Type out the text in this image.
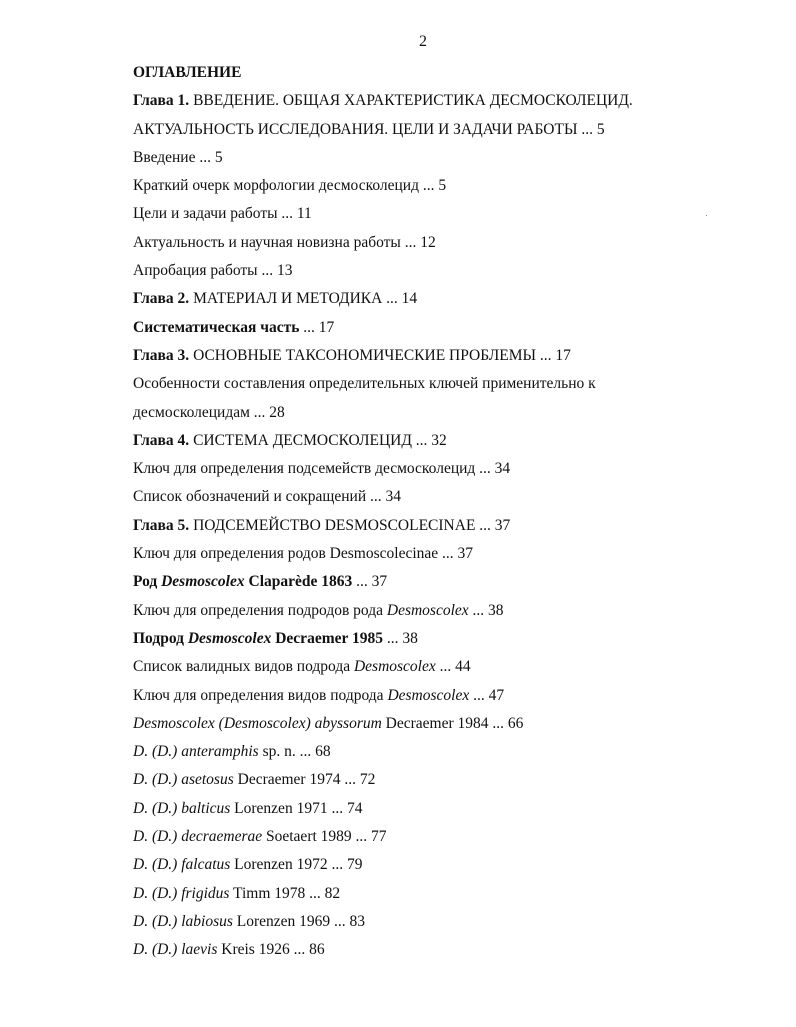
2
ОГЛАВЛЕНИЕ
Глава 1. ВВЕДЕНИЕ. ОБЩАЯ ХАРАКТЕРИСТИКА ДЕСМОСКОЛЕЦИД.
АКТУАЛЬНОСТЬ ИССЛЕДОВАНИЯ. ЦЕЛИ И ЗАДАЧИ РАБОТЫ ... 5
Введение ... 5
Краткий очерк морфологии десмосколецид ... 5
Цели и задачи работы ... 11
Актуальность и научная новизна работы ... 12
Апробация работы ... 13
Глава 2. МАТЕРИАЛ И МЕТОДИКА ... 14
Систематическая часть ... 17
Глава 3. ОСНОВНЫЕ ТАКСОНОМИЧЕСКИЕ ПРОБЛЕМЫ ... 17
Особенности составления определительных ключей применительно к
десмосколецидам ... 28
Глава 4. СИСТЕМА ДЕСМОСКОЛЕЦИД ... 32
Ключ для определения подсемейств десмосколецид ... 34
Список обозначений и сокращений ... 34
Глава 5. ПОДСЕМЕЙСТВО DESMOSCOLECINAE ... 37
Ключ для определения родов Desmoscolecinae ... 37
Род Desmoscolex Claparède 1863 ... 37
Ключ для определения подродов рода Desmoscolex ... 38
Подрод Desmoscolex Decraemer 1985 ... 38
Список валидных видов подрода Desmoscolex ... 44
Ключ для определения видов подрода Desmoscolex ... 47
Desmoscolex (Desmoscolex) abyssorum Decraemer 1984 ... 66
D. (D.) anteramphis sp. n. ... 68
D. (D.) asetosus Decraemer 1974 ... 72
D. (D.) balticus Lorenzen 1971 ... 74
D. (D.) decraemerae Soetaert 1989 ... 77
D. (D.) falcatus Lorenzen 1972 ... 79
D. (D.) frigidus Timm 1978 ... 82
D. (D.) labiosus Lorenzen 1969 ... 83
D. (D.) laevis Kreis 1926 ... 86
